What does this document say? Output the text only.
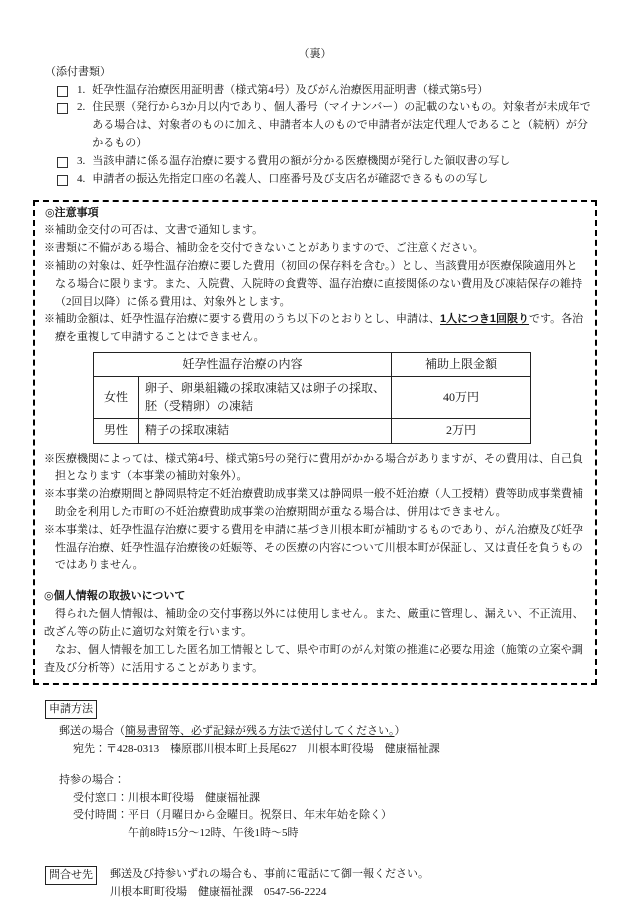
（裏）
（添付書類）
1. 妊孕性温存治療医用証明書（様式第4号）及びがん治療医用証明書（様式第5号）
2. 住民票（発行から3か月以内であり、個人番号（マイナンバー）の記載のないもの。対象者が未成年である場合は、対象者のものに加え、申請者本人のもので申請者が法定代理人であること（続柄）が分かるもの）
3. 当該申請に係る温存治療に要する費用の額が分かる医療機関が発行した領収書の写し
4. 申請者の振込先指定口座の名義人、口座番号及び支店名が確認できるものの写し
◎注意事項
※補助金交付の可否は、文書で通知します。
※書類に不備がある場合、補助金を交付できないことがありますので、ご注意ください。
※補助の対象は、妊孕性温存治療に要した費用（初回の保存料を含む。）とし、当該費用が医療保険適用外となる場合に限ります。また、入院費、入院時の食費等、温存治療に直接関係のない費用及び凍結保存の維持（2回目以降）に係る費用は、対象外とします。
※補助金額は、妊孕性温存治療に要する費用のうち以下のとおりとし、申請は、1人につき1回限りです。各治療を重複して申請することはできません。
妊孕性温存治療の内容		補助上限金額
女性	卵子、卵巣組織の採取凍結又は卵子の採取、胚（受精卵）の凍結	40万円
男性	精子の採取凍結	2万円
※医療機関によっては、様式第4号、様式第5号の発行に費用がかかる場合がありますが、その費用は、自己負担となります（本事業の補助対象外）。
※本事業の治療期間と静岡県特定不妊治療費助成事業又は静岡県一般不妊治療（人工授精）費等助成事業費補助金を利用した市町の不妊治療費助成事業の治療期間が重なる場合は、併用はできません。
※本事業は、妊孕性温存治療に要する費用を申請に基づき川根本町が補助するものであり、がん治療及び妊孕性温存治療、妊孕性温存治療後の妊娠等、その医療の内容について川根本町が保証し、又は責任を負うものではありません。
◎個人情報の取扱いについて

得られた個人情報は、補助金の交付事務以外には使用しません。また、厳重に管理し、漏えい、不正流用、改ざん等の防止に適切な対策を行います。

なお、個人情報を加工した匿名加工情報として、県や市町のがん対策の推進に必要な用途（施策の立案や調査及び分析等）に活用することがあります。

申請方法
郵送の場合（簡易書留等、必ず記録が残る方法で送付してください。）
宛先：〒428-0313　榛原郡川根本町上長尾627　川根本町役場　健康福祉課
持参の場合：
受付窓口：川根本町役場　健康福祉課
受付時間：平日（月曜日から金曜日。祝祭日、年末年始を除く）
午前8時15分〜12時、午後1時〜5時
問合せ先	郵送及び持参いずれの場合も、事前に電話にて御一報ください。
川根本町町役場　健康福祉課　0547-56-2224
